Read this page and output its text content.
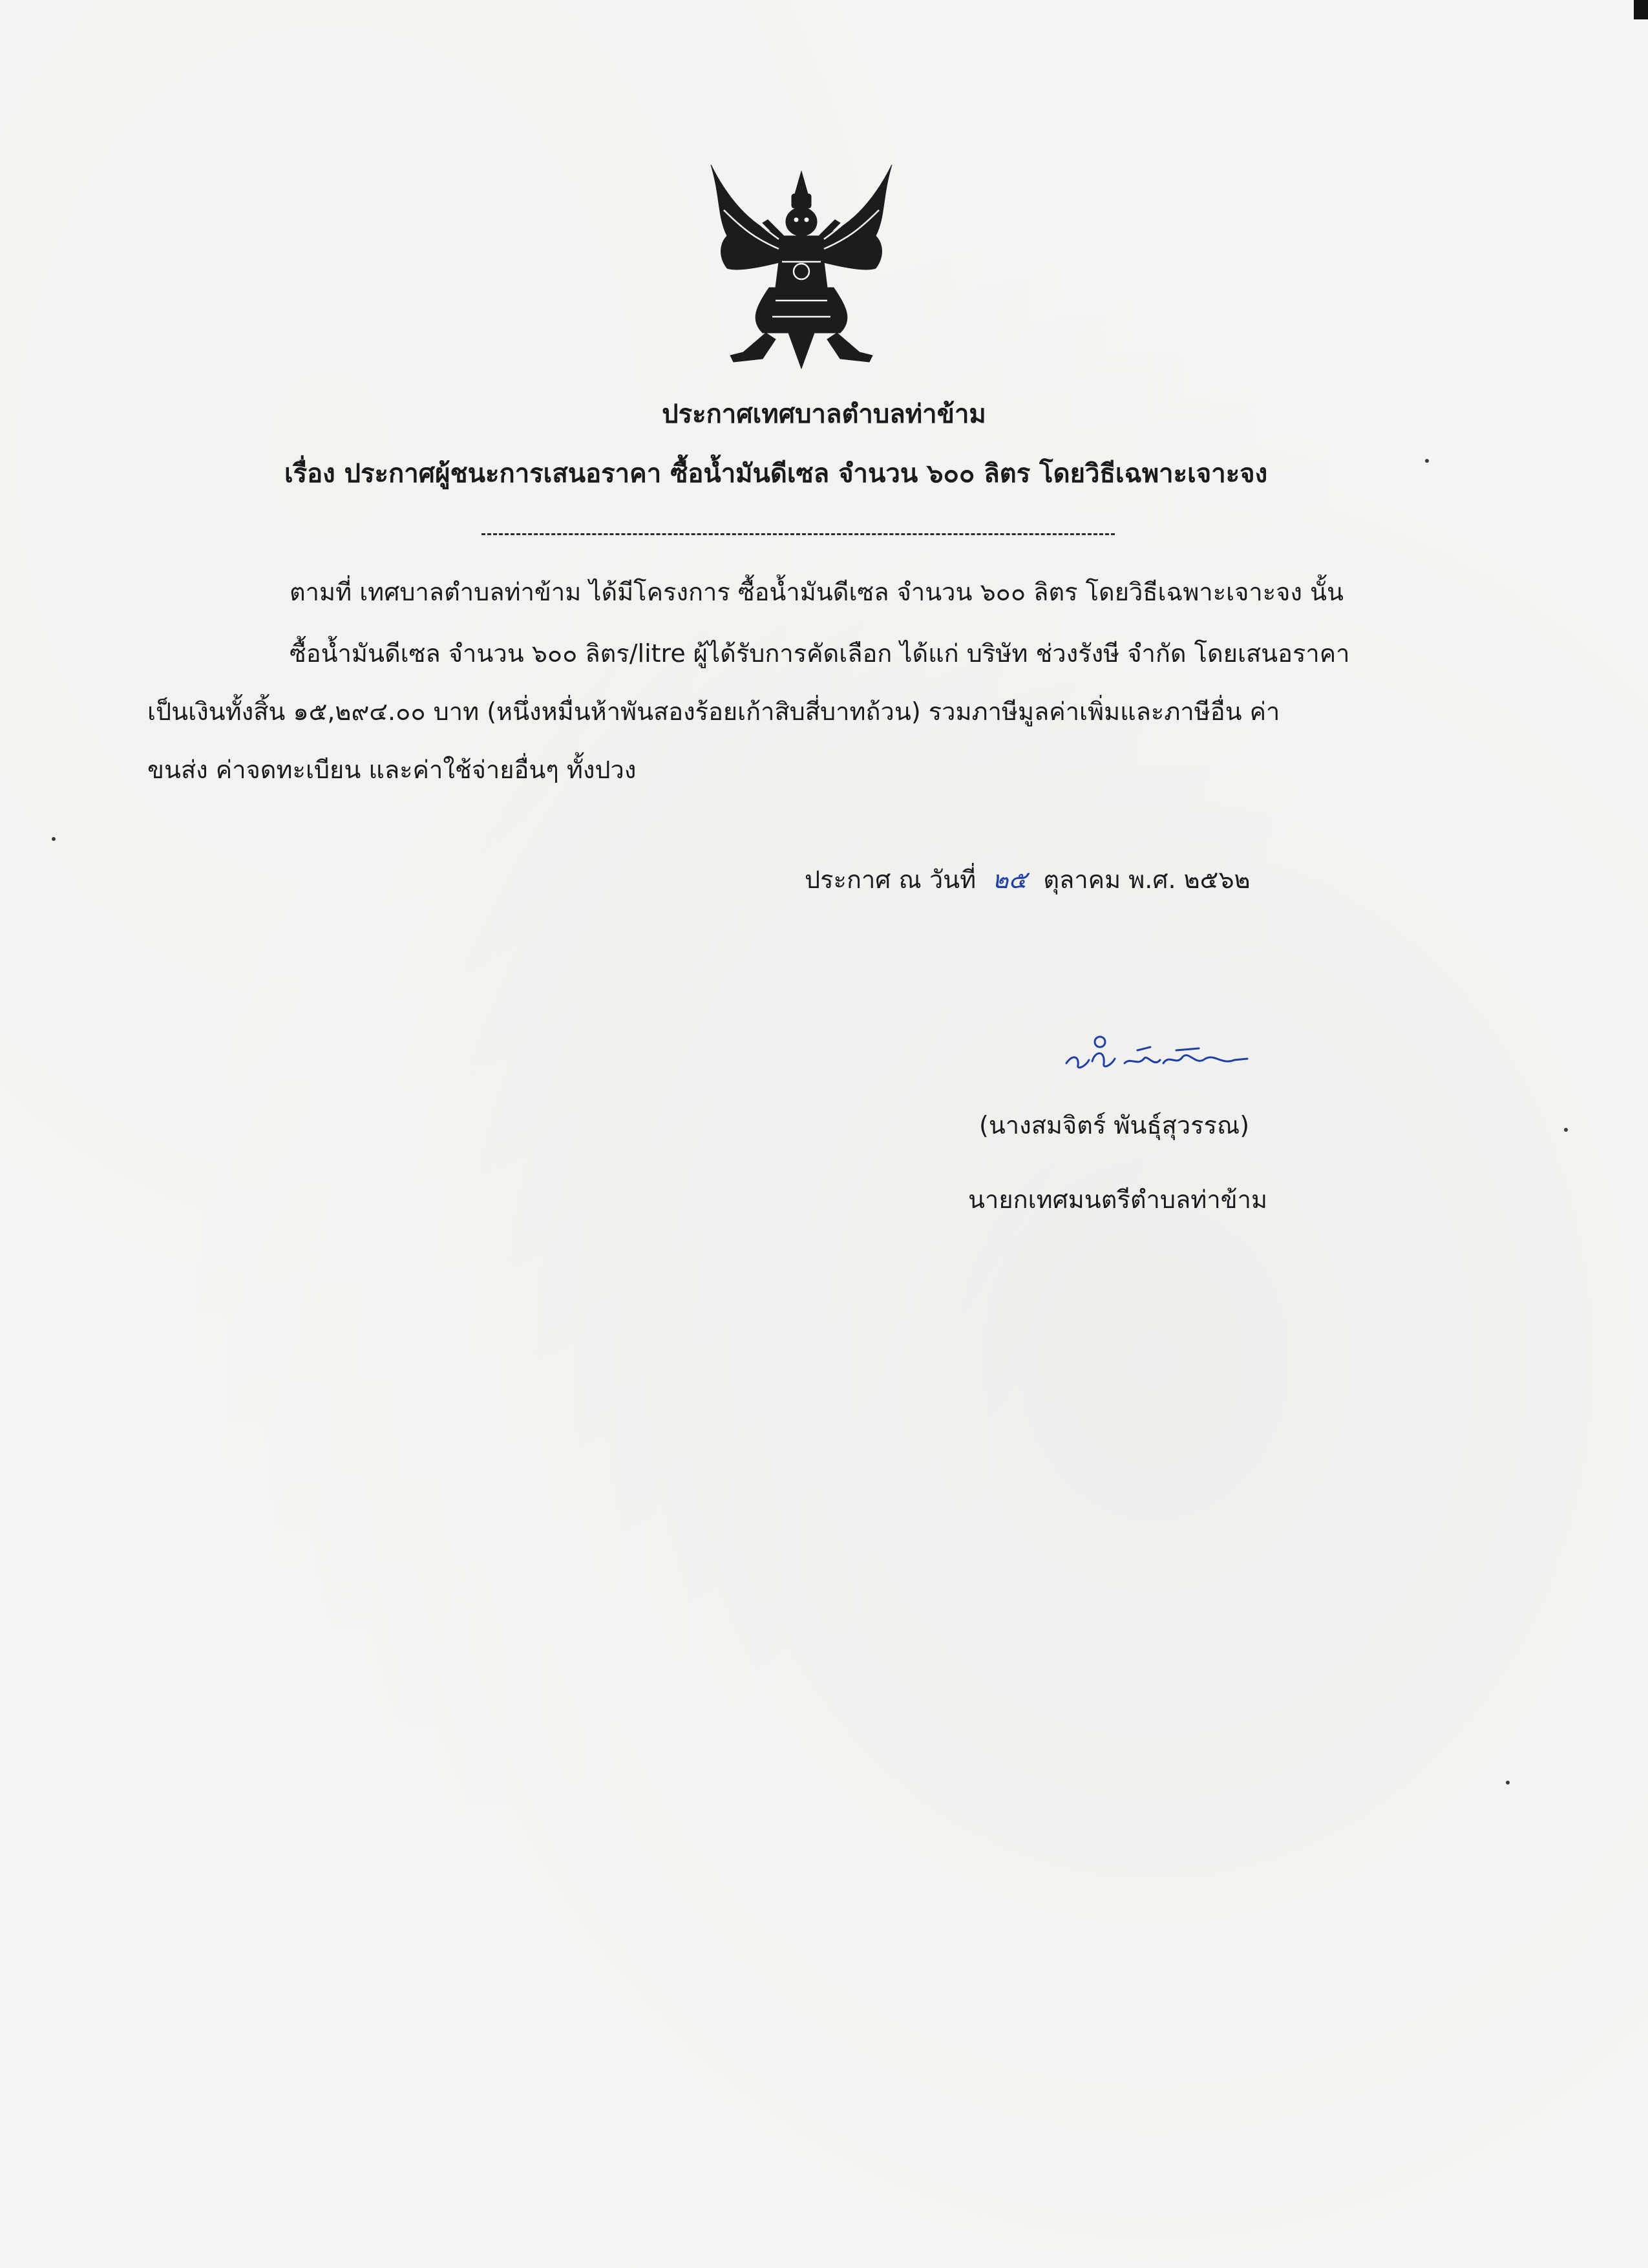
ประกาศเทศบาลตำบลท่าข้าม
เรื่อง ประกาศผู้ชนะการเสนอราคา ซื้อน้ำมันดีเซล จำนวน ๖๐๐ ลิตร โดยวิธีเฉพาะเจาะจง
ตามที่ เทศบาลตำบลท่าข้าม ได้มีโครงการ ซื้อน้ำมันดีเซล จำนวน ๖๐๐ ลิตร โดยวิธีเฉพาะเจาะจง นั้น
ซื้อน้ำมันดีเซล จำนวน ๖๐๐ ลิตร/litre ผู้ได้รับการคัดเลือก ได้แก่ บริษัท ช่วงรังษี จำกัด โดยเสนอราคา
เป็นเงินทั้งสิ้น ๑๕,๒๙๔.๐๐ บาท (หนึ่งหมื่นห้าพันสองร้อยเก้าสิบสี่บาทถ้วน) รวมภาษีมูลค่าเพิ่มและภาษีอื่น ค่า
ขนส่ง ค่าจดทะเบียน และค่าใช้จ่ายอื่นๆ ทั้งปวง
ประกาศ ณ วันที่ ๒๕ ตุลาคม พ.ศ. ๒๕๖๒
(นางสมจิตร์ พันธุ์สุวรรณ)
นายกเทศมนตรีตำบลท่าข้าม
